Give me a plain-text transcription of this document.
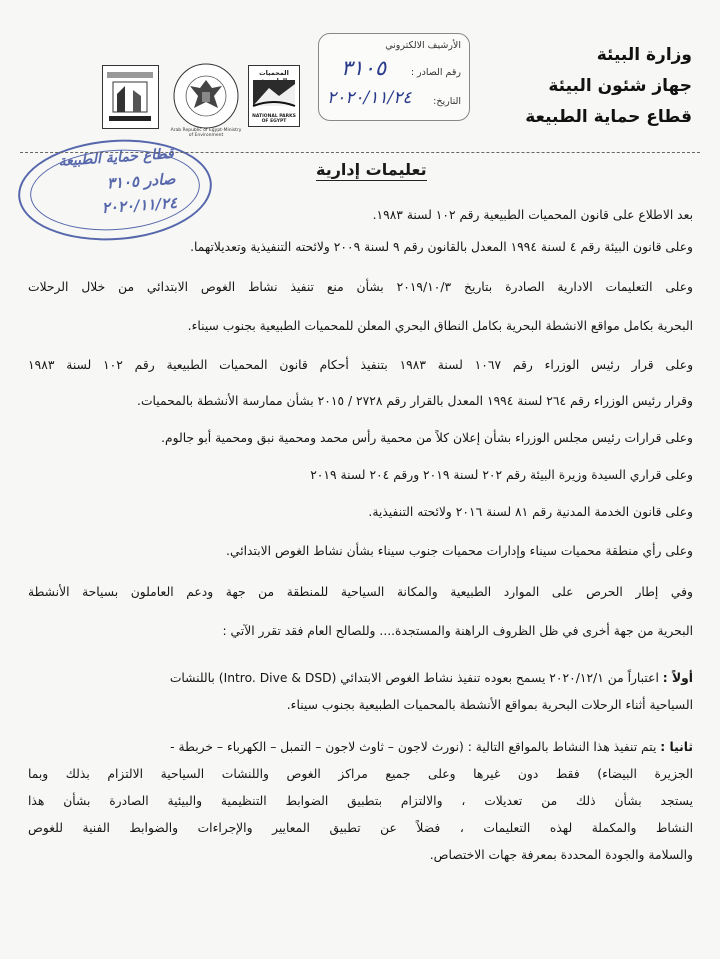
وزارة البيئة
جهاز شئون البيئة
قطاع حماية الطبيعة
الأرشيف الالكتروني
رقم الصادر :
٣١٠٥
التاريخ:
٢٠٢٠/١١/٢٤
المحميات
NATIONAL PARKS OF EGYPT
Arab Republic of Egypt-Ministry of Environment
قطاع حماية الطبيعة
صادر ٣١٠٥
٢٠٢٠/١١/٢٤
تعليمات إدارية
بعد الاطلاع على قانون المحميات الطبيعية رقم ١٠٢ لسنة ١٩٨٣.
وعلى قانون البيئة رقم ٤ لسنة ١٩٩٤ المعدل بالقانون رقم ٩ لسنة ٢٠٠٩ ولائحته التنفيذية وتعديلاتهما.
وعلى التعليمات الادارية الصادرة بتاريخ ٢٠١٩/١٠/٣ بشأن منع تنفيذ نشاط الغوص الابتدائي من خلال الرحلات
البحرية بكامل مواقع الانشطة البحرية بكامل النطاق البحري المعلن للمحميات الطبيعية بجنوب سيناء.
وعلى قرار رئيس الوزراء رقم ١٠٦٧ لسنة ١٩٨٣ بتنفيذ أحكام قانون المحميات الطبيعية رقم ١٠٢ لسنة ١٩٨٣
وقرار رئيس الوزراء رقم ٢٦٤ لسنة ١٩٩٤ المعدل بالقرار رقم ٢٧٢٨ / ٢٠١٥ بشأن ممارسة الأنشطة بالمحميات.
وعلى قرارات رئيس مجلس الوزراء بشأن إعلان كلاً من محمية رأس محمد ومحمية نبق ومحمية أبو جالوم.
وعلى قراري السيدة وزيرة البيئة رقم ٢٠٢ لسنة ٢٠١٩ ورقم ٢٠٤ لسنة ٢٠١٩
وعلى قانون الخدمة المدنية رقم ٨١ لسنة ٢٠١٦ ولائحته التنفيذية.
وعلى رأي منطقة محميات سيناء وإدارات محميات جنوب سيناء بشأن نشاط الغوص الابتدائي.
وفي إطار الحرص على الموارد الطبيعية والمكانة السياحية للمنطقة من جهة ودعم العاملون بسياحة الأنشطة
البحرية من جهة أخرى في ظل الظروف الراهنة والمستجدة.... وللصالح العام فقد تقرر الآتي :
أولاً : اعتباراً من ٢٠٢٠/١٢/١ يسمح بعوده تنفيذ نشاط الغوص الابتدائي (Intro. Dive & DSD) باللنشات
السياحية أثناء الرحلات البحرية بمواقع الأنشطة بالمحميات الطبيعية بجنوب سيناء.
ثانيا : يتم تنفيذ هذا النشاط بالمواقع التالية : (نورث لاجون – ثاوث لاجون – التمبل – الكهرباء – خربطة -
الجزيرة البيضاء) فقط دون غيرها وعلى جميع مراكز الغوص واللنشات السياحية الالتزام بذلك وبما
يستجد بشأن ذلك من تعديلات ، والالتزام بتطبيق الضوابط التنظيمية والبيئية الصادرة بشأن هذا
النشاط والمكملة لهذه التعليمات ، فضلاً عن تطبيق المعايير والإجراءات والضوابط الفنية للغوص
والسلامة والجودة المحددة بمعرفة جهات الاختصاص.
